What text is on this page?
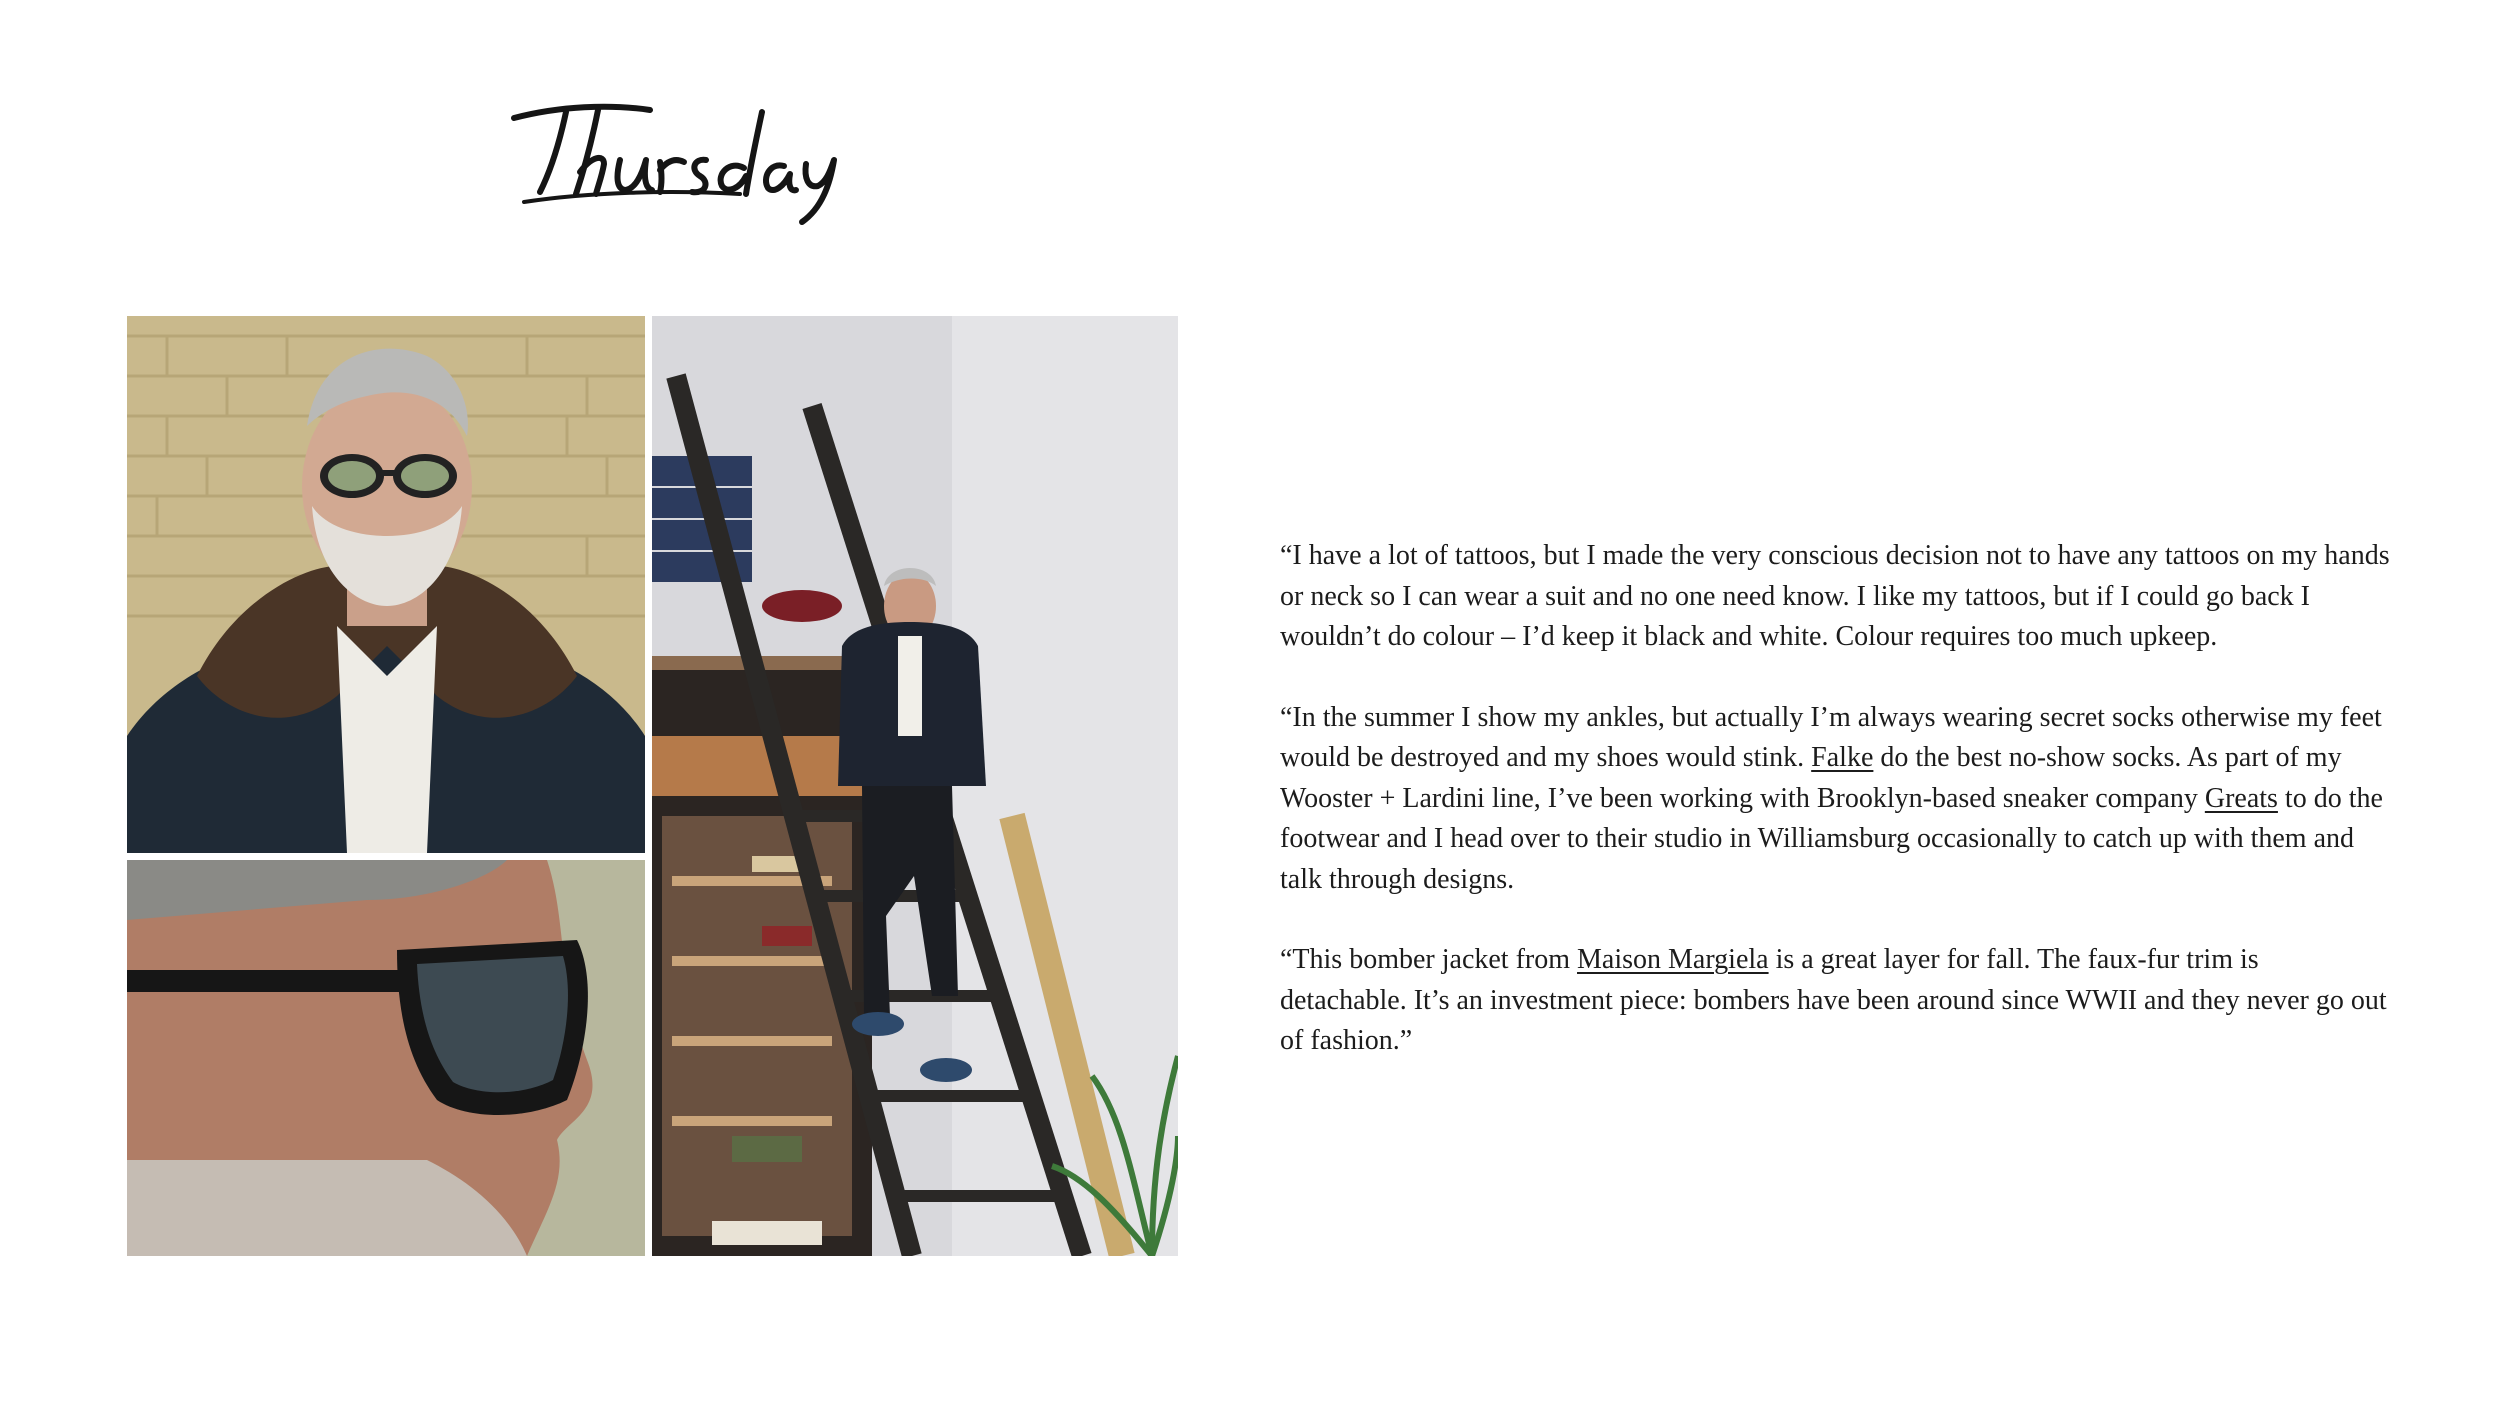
“I have a lot of tattoos, but I made the very conscious decision not to have any tattoos on my hands or neck so I can wear a suit and no one need know. I like my tattoos, but if I could go back I wouldn’t do colour – I’d keep it black and white. Colour requires too much upkeep.

“In the summer I show my ankles, but actually I’m always wearing secret socks otherwise my feet would be destroyed and my shoes would stink. Falke do the best no-show socks. As part of my Wooster + Lardini line, I’ve been working with Brooklyn-based sneaker company Greats to do the footwear and I head over to their studio in Williamsburg occasionally to catch up with them and talk through designs.

“This bomber jacket from Maison Margiela is a great layer for fall. The faux-fur trim is detachable. It’s an investment piece: bombers have been around since WWII and they never go out of fashion.”
